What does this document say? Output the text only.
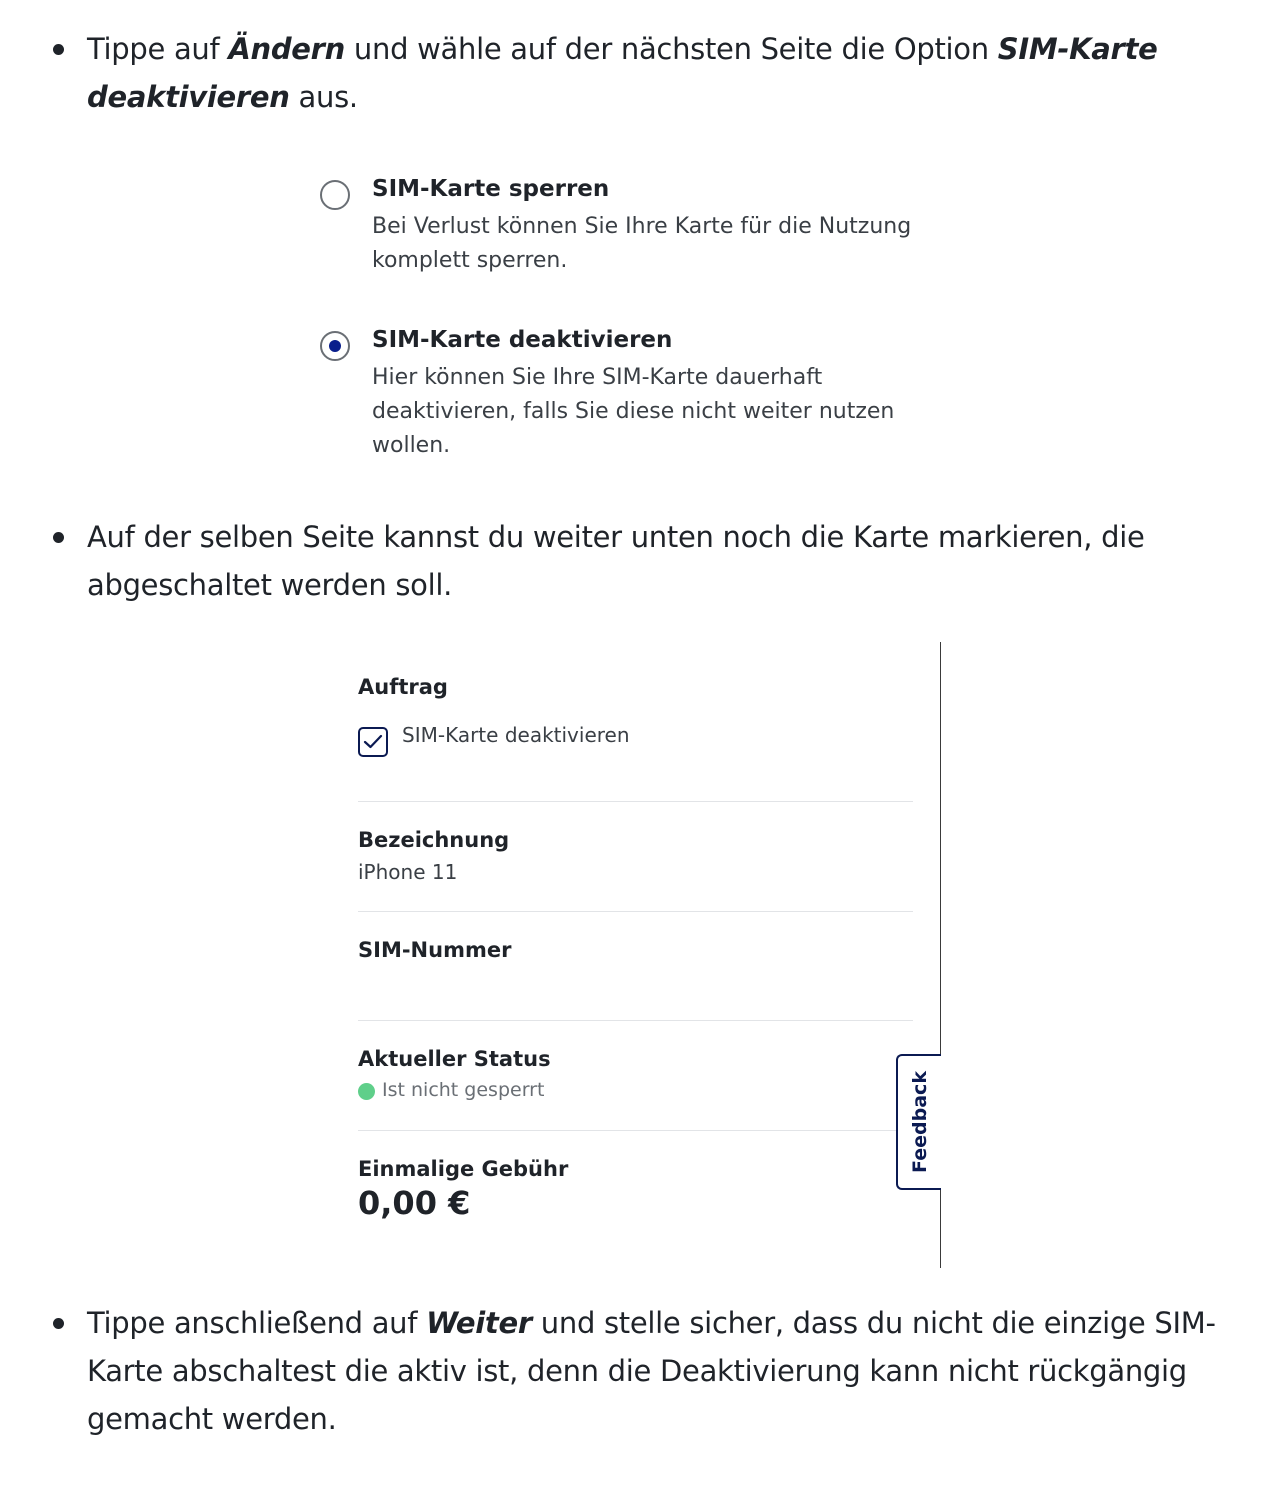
Tippe auf Ändern und wähle auf der nächsten Seite die Option SIM-Karte deaktivieren aus.
SIM-Karte sperren
Bei Verlust können Sie Ihre Karte für die Nutzung komplett sperren.
SIM-Karte deaktivieren
Hier können Sie Ihre SIM-Karte dauerhaft deaktivieren, falls Sie diese nicht weiter nutzen wollen.
Auf der selben Seite kannst du weiter unten noch die Karte markieren, die abgeschaltet werden soll.
Auftrag
SIM-Karte deaktivieren
Bezeichnung
iPhone 11
SIM-Nummer
Aktueller Status
Ist nicht gesperrt
Einmalige Gebühr
0,00 €
Feedback
Tippe anschließend auf Weiter und stelle sicher, dass du nicht die einzige SIM-Karte abschaltest die aktiv ist, denn die Deaktivierung kann nicht rückgängig gemacht werden.
